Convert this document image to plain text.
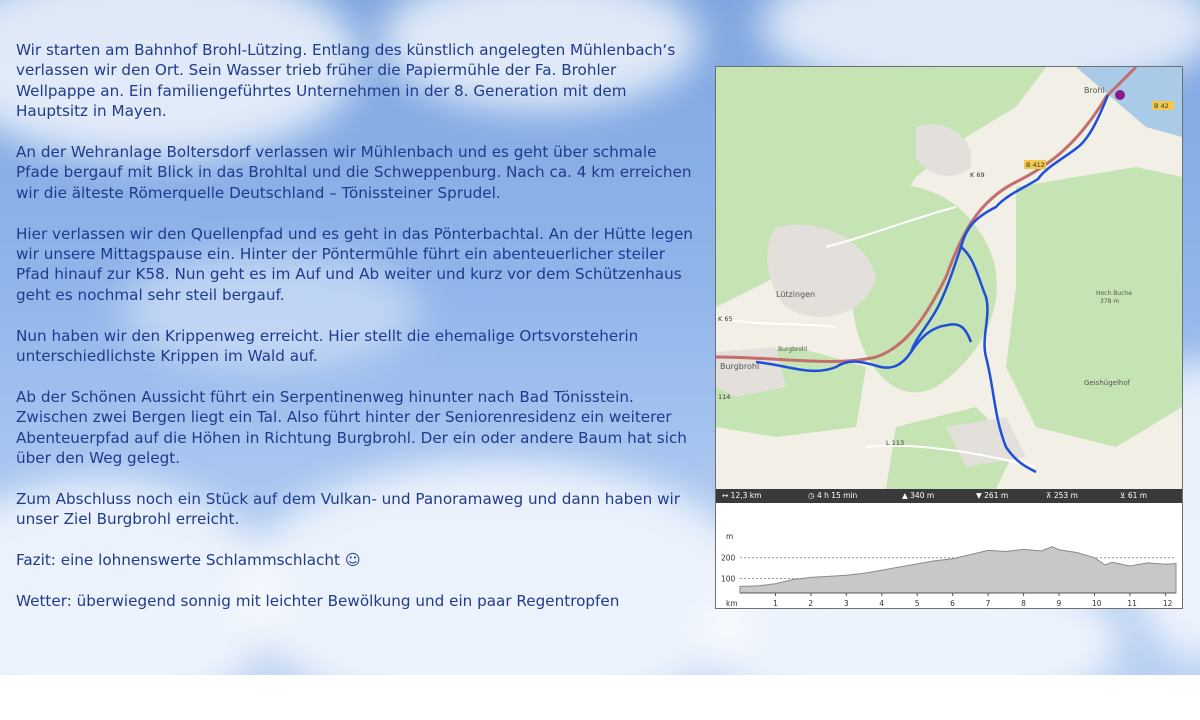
Wir starten am Bahnhof Brohl-Lützing. Entlang des künstlich angelegten Mühlenbach‘s
verlassen wir den Ort. Sein Wasser trieb früher die Papiermühle der Fa. Brohler
Wellpappe an. Ein familiengeführtes Unternehmen in der 8. Generation mit dem
Hauptsitz in Mayen.

An der Wehranlage Boltersdorf verlassen wir Mühlenbach und es geht über schmale
Pfade bergauf mit Blick in das Brohltal und die Schweppenburg. Nach ca. 4 km erreichen
wir die älteste Römerquelle Deutschland – Tönissteiner Sprudel.

Hier verlassen wir den Quellenpfad und es geht in das Pönterbachtal. An der Hütte legen
wir unsere Mittagspause ein. Hinter der Pöntermühle führt ein abenteuerlicher steiler
Pfad hinauf zur K58. Nun geht es im Auf und Ab weiter und kurz vor dem Schützenhaus
geht es nochmal sehr steil bergauf.

Nun haben wir den Krippenweg erreicht. Hier stellt die ehemalige Ortsvorsteherin
unterschiedlichste Krippen im Wald auf.

Ab der Schönen Aussicht führt ein Serpentinenweg hinunter nach Bad Tönisstein.
Zwischen zwei Bergen liegt ein Tal. Also führt hinter der Seniorenresidenz ein weiterer
Abenteuerpfad auf die Höhen in Richtung Burgbrohl. Der ein oder andere Baum hat sich
über den Weg gelegt.

Zum Abschluss noch ein Stück auf dem Vulkan- und Panoramaweg und dann haben wir
unser Ziel Burgbrohl erreicht.

Fazit: eine lohnenswerte Schlammschlacht ☺

Wetter: überwiegend sonnig mit leichter Bewölkung und ein paar Regentropfen

Brohl
Lützingen
Burgbrohl
Burgbrohl
Geishügelhof
Hoch Buche
378 m
B 412
B 42
K 69
K 65
114
L 113
↔ 12,3 km	◷ 4 h 15 min	▲ 340 m	▼ 261 m	⊼ 253 m	⊻ 61 m
m
km
100
200
1	2	3	4	5	6	7	8	9	10	11	12
